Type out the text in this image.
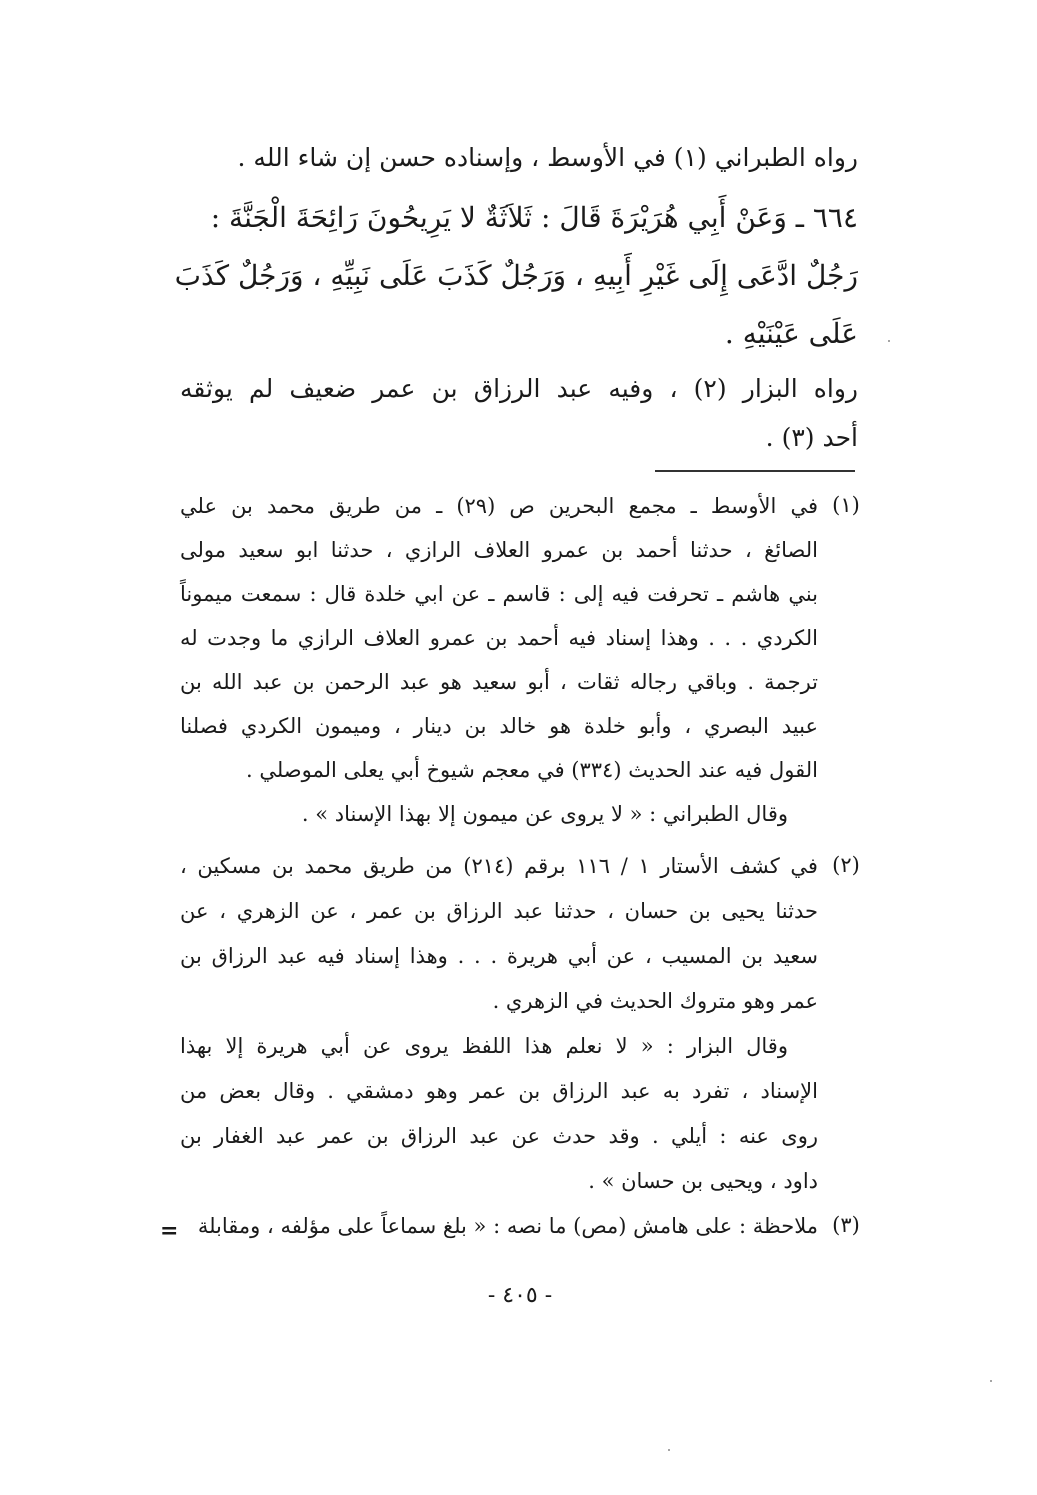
رواه الطبراني (١) في الأوسط ، وإسناده حسن إن شاء الله .
٦٦٤ ـ وَعَنْ أَبِي هُرَيْرَةَ قَالَ : ثَلاَثَةٌ لا يَرِيحُونَ رَائِحَةَ الْجَنَّةَ :
رَجُلٌ ادَّعَى إِلَى غَيْرِ أَبِيهِ ، وَرَجُلٌ كَذَبَ عَلَى نَبِيِّهِ ، وَرَجُلٌ كَذَبَ
عَلَى عَيْنَيْهِ .
رواه البزار (٢) ، وفيه عبد الرزاق بن عمر ضعيف لم يوثقه
أحد (٣) .
(١)
في الأوسط ـ مجمع البحرين ص (٢٩) ـ من طريق محمد بن علي
الصائغ ، حدثنا أحمد بن عمرو العلاف الرازي ، حدثنا ابو سعيد مولى
بني هاشم ـ تحرفت فيه إلى : قاسم ـ عن ابي خلدة قال : سمعت ميموناً
الكردي . . . وهذا إسناد فيه أحمد بن عمرو العلاف الرازي ما وجدت له
ترجمة . وباقي رجاله ثقات ، أبو سعيد هو عبد الرحمن بن عبد الله بن
عبيد البصري ، وأبو خلدة هو خالد بن دينار ، وميمون الكردي فصلنا
القول فيه عند الحديث (٣٣٤) في معجم شيوخ أبي يعلى الموصلي .
وقال الطبراني : « لا يروى عن ميمون إلا بهذا الإسناد » .
(٢)
في كشف الأستار ١ / ١١٦ برقم (٢١٤) من طريق محمد بن مسكين ،
حدثنا يحيى بن حسان ، حدثنا عبد الرزاق بن عمر ، عن الزهري ، عن
سعيد بن المسيب ، عن أبي هريرة . . . وهذا إسناد فيه عبد الرزاق بن
عمر وهو متروك الحديث في الزهري .
وقال البزار : « لا نعلم هذا اللفظ يروى عن أبي هريرة إلا بهذا
الإسناد ، تفرد به عبد الرزاق بن عمر وهو دمشقي . وقال بعض من
روى عنه : أيلي . وقد حدث عن عبد الرزاق بن عمر عبد الغفار بن
داود ، ويحيى بن حسان » .
(٣)
ملاحظة : على هامش (مص) ما نصه : « بلغ سماعاً على مؤلفه ، ومقابلة
=
- ٤٠٥ -
